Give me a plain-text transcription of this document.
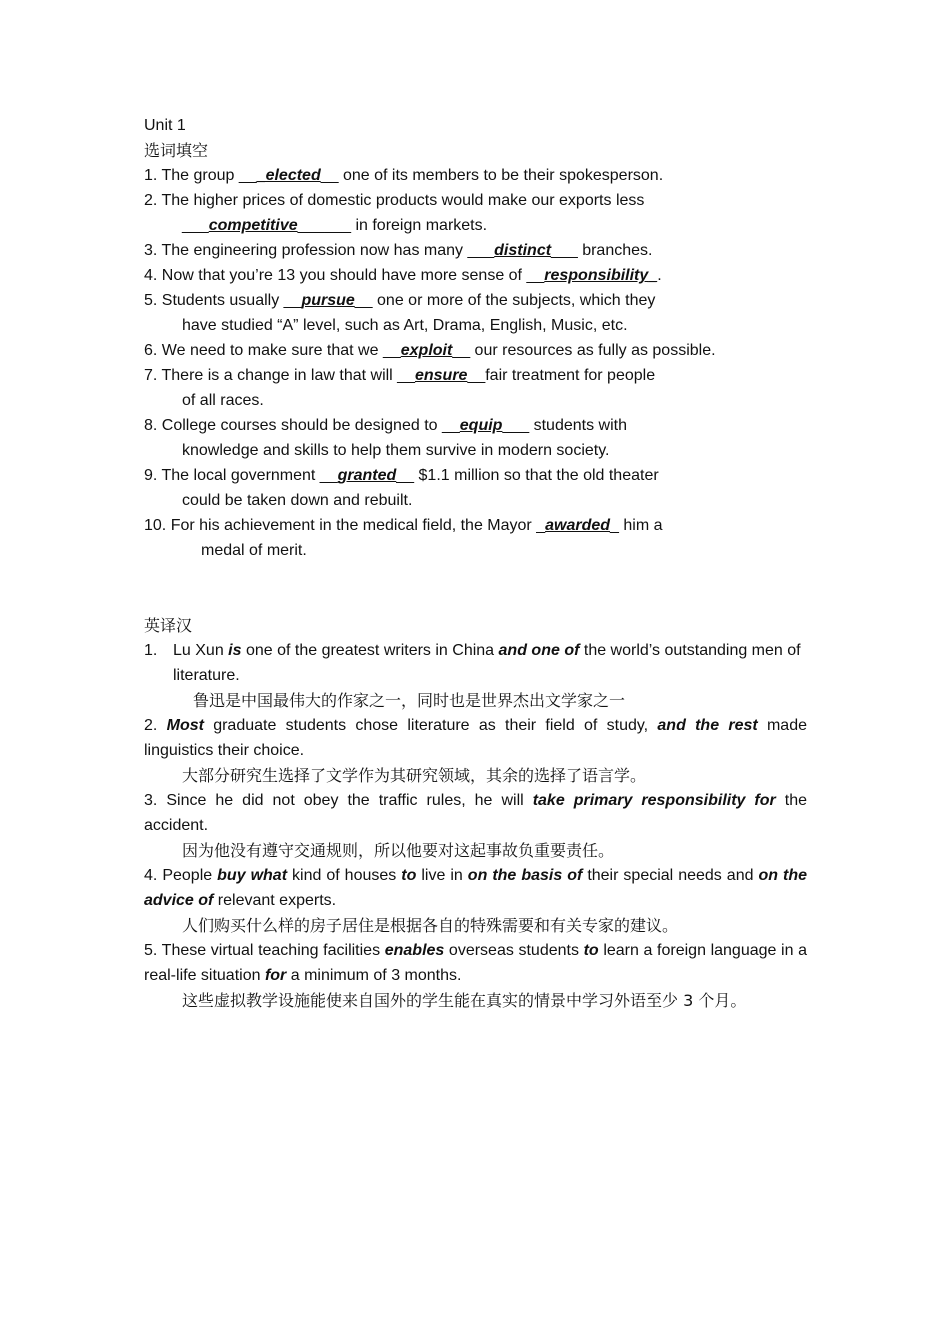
Unit 1
选词填空
1. The group ___elected__ one of its members to be their spokesperson.
2. The higher prices of domestic products would make our exports less
___competitive______ in foreign markets.
3. The engineering profession now has many ___distinct___ branches.
4. Now that you’re 13 you should have more sense of __responsibility_.
5. Students usually __pursue__ one or more of the subjects, which they
have studied “A” level, such as Art, Drama, English, Music, etc.
6. We need to make sure that we __exploit__ our resources as fully as possible.
7. There is a change in law that will __ensure__fair treatment for people
of all races.
8. College courses should be designed to __equip___ students with
knowledge and skills to help them survive in modern society.
9. The local government __granted__ $1.1 million so that the old theater
could be taken down and rebuilt.
10. For his achievement in the medical field, the Mayor _awarded_ him a
medal of merit.
英译汉
1. Lu Xun is one of the greatest writers in China and one of the world’s outstanding men of literature.
鲁迅是中国最伟大的作家之一，同时也是世界杰出文学家之一
2. Most graduate students chose literature as their field of study, and the rest made linguistics their choice.
大部分研究生选择了文学作为其研究领域，其余的选择了语言学。
3. Since he did not obey the traffic rules, he will take primary responsibility for the accident.
因为他没有遵守交通规则，所以他要对这起事故负重要责任。
4. People buy what kind of houses to live in on the basis of their special needs and on the advice of relevant experts.
人们购买什么样的房子居住是根据各自的特殊需要和有关专家的建议。
5. These virtual teaching facilities enables overseas students to learn a foreign language in a real-life situation for a minimum of 3 months.
这些虚拟教学设施能使来自国外的学生能在真实的情景中学习外语至少 3 个月。
